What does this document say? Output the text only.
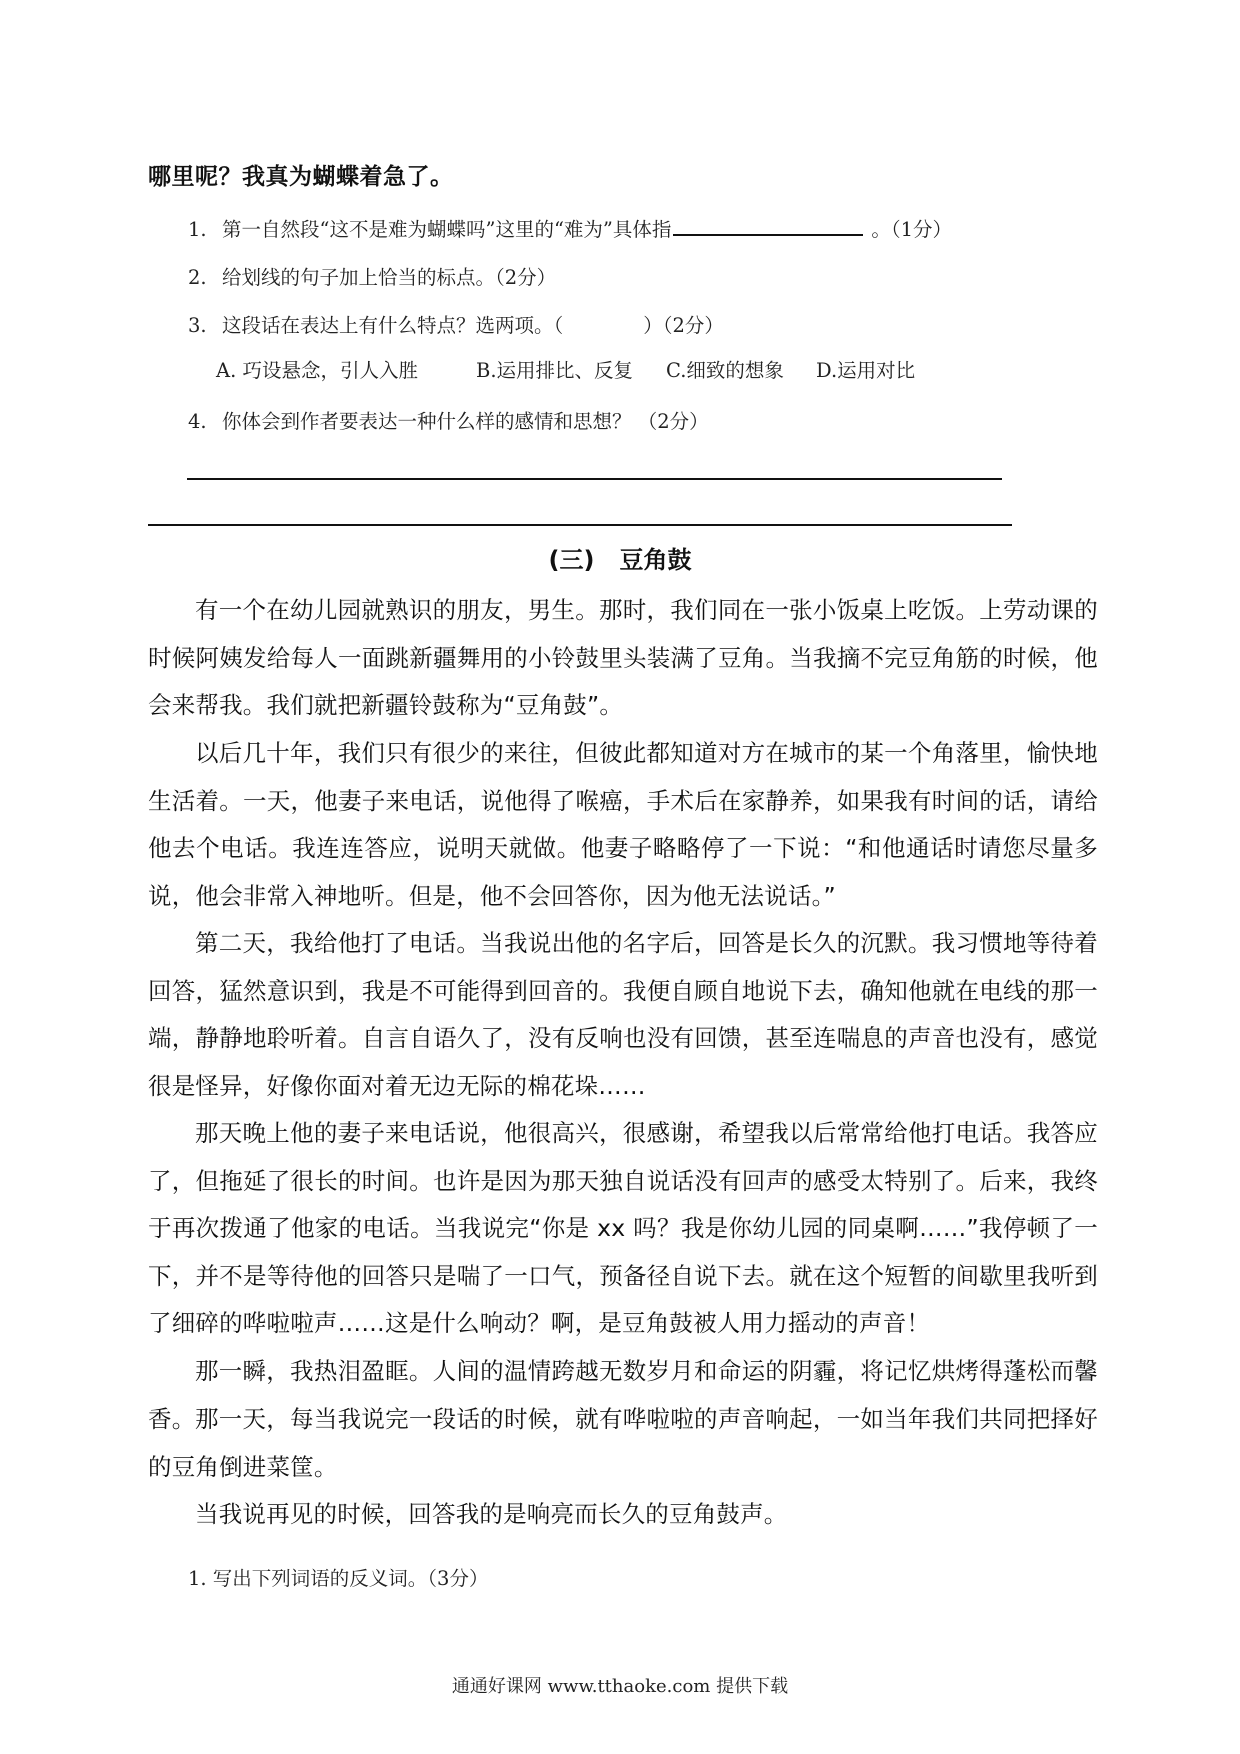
哪里呢？我真为蝴蝶着急了。
1. 第一自然段“这不是难为蝴蝶吗”这里的“难为”具体指	。（1分）
2. 给划线的句子加上恰当的标点。（2分）
3. 这段话在表达上有什么特点？选两项。（	）（2分）
A. 巧设悬念，引人入胜	B.运用排比、反复 C.细致的想象 D.运用对比
4. 你体会到作者要表达一种什么样的感情和思想？ （2分）
(三) 豆角鼓
有一个在幼儿园就熟识的朋友，男生。那时，我们同在一张小饭桌上吃饭。上劳动课的时候阿姨发给每人一面跳新疆舞用的小铃鼓里头装满了豆角。当我摘不完豆角筋的时候，他会来帮我。我们就把新疆铃鼓称为“豆角鼓”。
以后几十年，我们只有很少的来往，但彼此都知道对方在城市的某一个角落里，愉快地生活着。一天，他妻子来电话，说他得了喉癌，手术后在家静养，如果我有时间的话，请给他去个电话。我连连答应，说明天就做。他妻子略略停了一下说：“和他通话时请您尽量多说，他会非常入神地听。但是，他不会回答你，因为他无法说话。”
第二天，我给他打了电话。当我说出他的名字后，回答是长久的沉默。我习惯地等待着回答，猛然意识到，我是不可能得到回音的。我便自顾自地说下去，确知他就在电线的那一端，静静地聆听着。自言自语久了，没有反响也没有回馈，甚至连喘息的声音也没有，感觉很是怪异，好像你面对着无边无际的棉花垛……
那天晚上他的妻子来电话说，他很高兴，很感谢，希望我以后常常给他打电话。我答应了，但拖延了很长的时间。也许是因为那天独自说话没有回声的感受太特别了。后来，我终于再次拨通了他家的电话。当我说完“你是 xx 吗？我是你幼儿园的同桌啊……”我停顿了一下，并不是等待他的回答只是喘了一口气，预备径自说下去。就在这个短暂的间歇里我听到了细碎的哗啦啦声……这是什么响动？啊，是豆角鼓被人用力摇动的声音！
那一瞬，我热泪盈眶。人间的温情跨越无数岁月和命运的阴霾，将记忆烘烤得蓬松而馨香。 那一天，每当我说完一段话的时候，就有哗啦啦的声音响起，一如当年我们共同把择好的豆角倒进菜筐。
当我说再见的时候，回答我的是响亮而长久的豆角鼓声。
1. 写出下列词语的反义词。（3分）
通通好课网 www.tthaoke.com 提供下载
